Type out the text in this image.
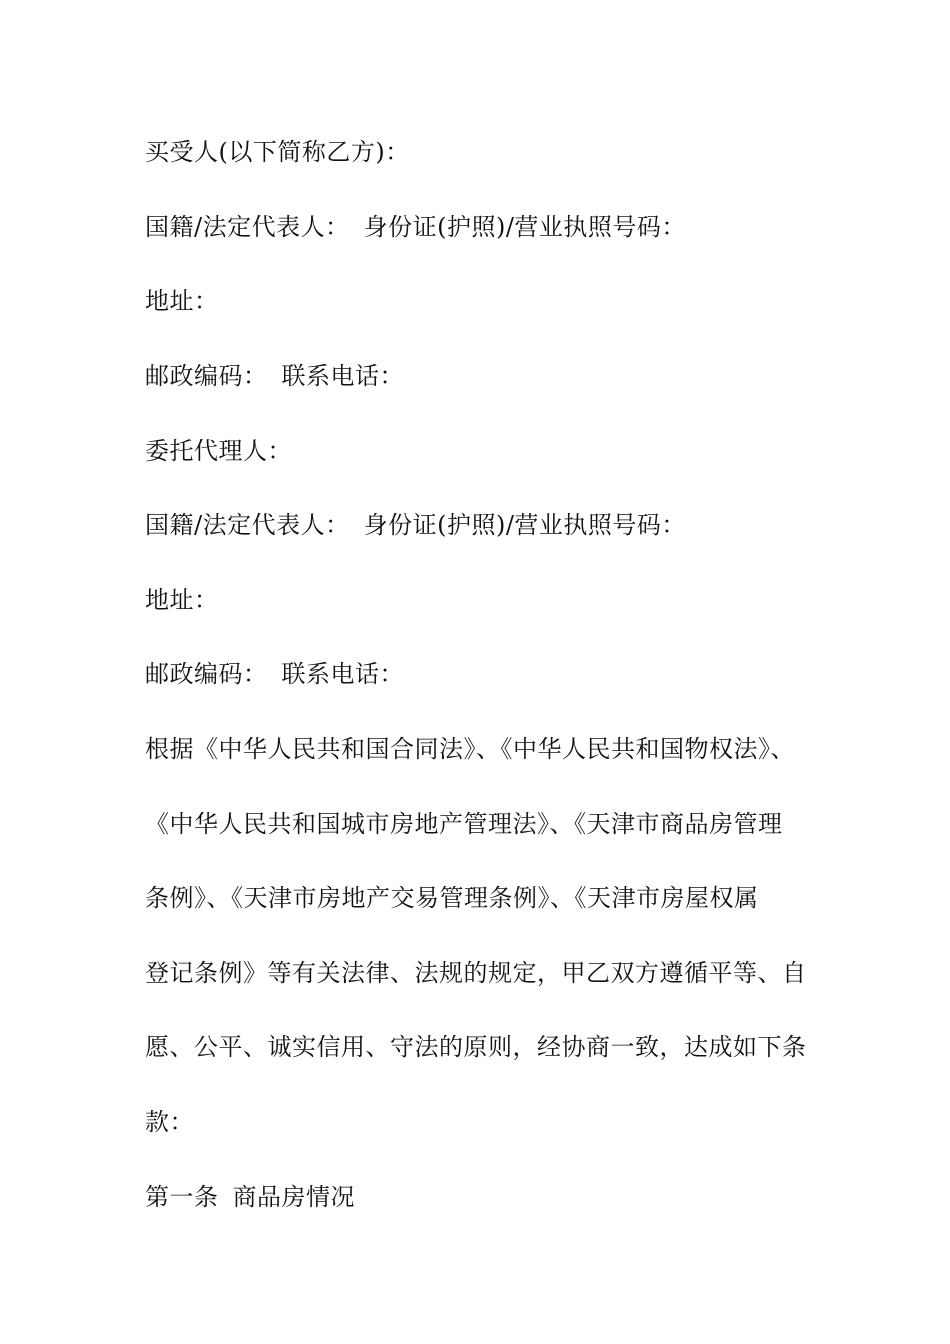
买受人(以下简称乙方)：
国籍/法定代表人： 身份证(护照)/营业执照号码：
地址：
邮政编码： 联系电话：
委托代理人：
国籍/法定代表人： 身份证(护照)/营业执照号码：
地址：
邮政编码： 联系电话：
根据《中华人民共和国合同法》、《中华人民共和国物权法》、
《中华人民共和国城市房地产管理法》、《天津市商品房管理
条例》、《天津市房地产交易管理条例》、《天津市房屋权属
登记条例》等有关法律、法规的规定，甲乙双方遵循平等、自
愿、公平、诚实信用、守法的原则，经协商一致，达成如下条
款：
第一条 商品房情况
